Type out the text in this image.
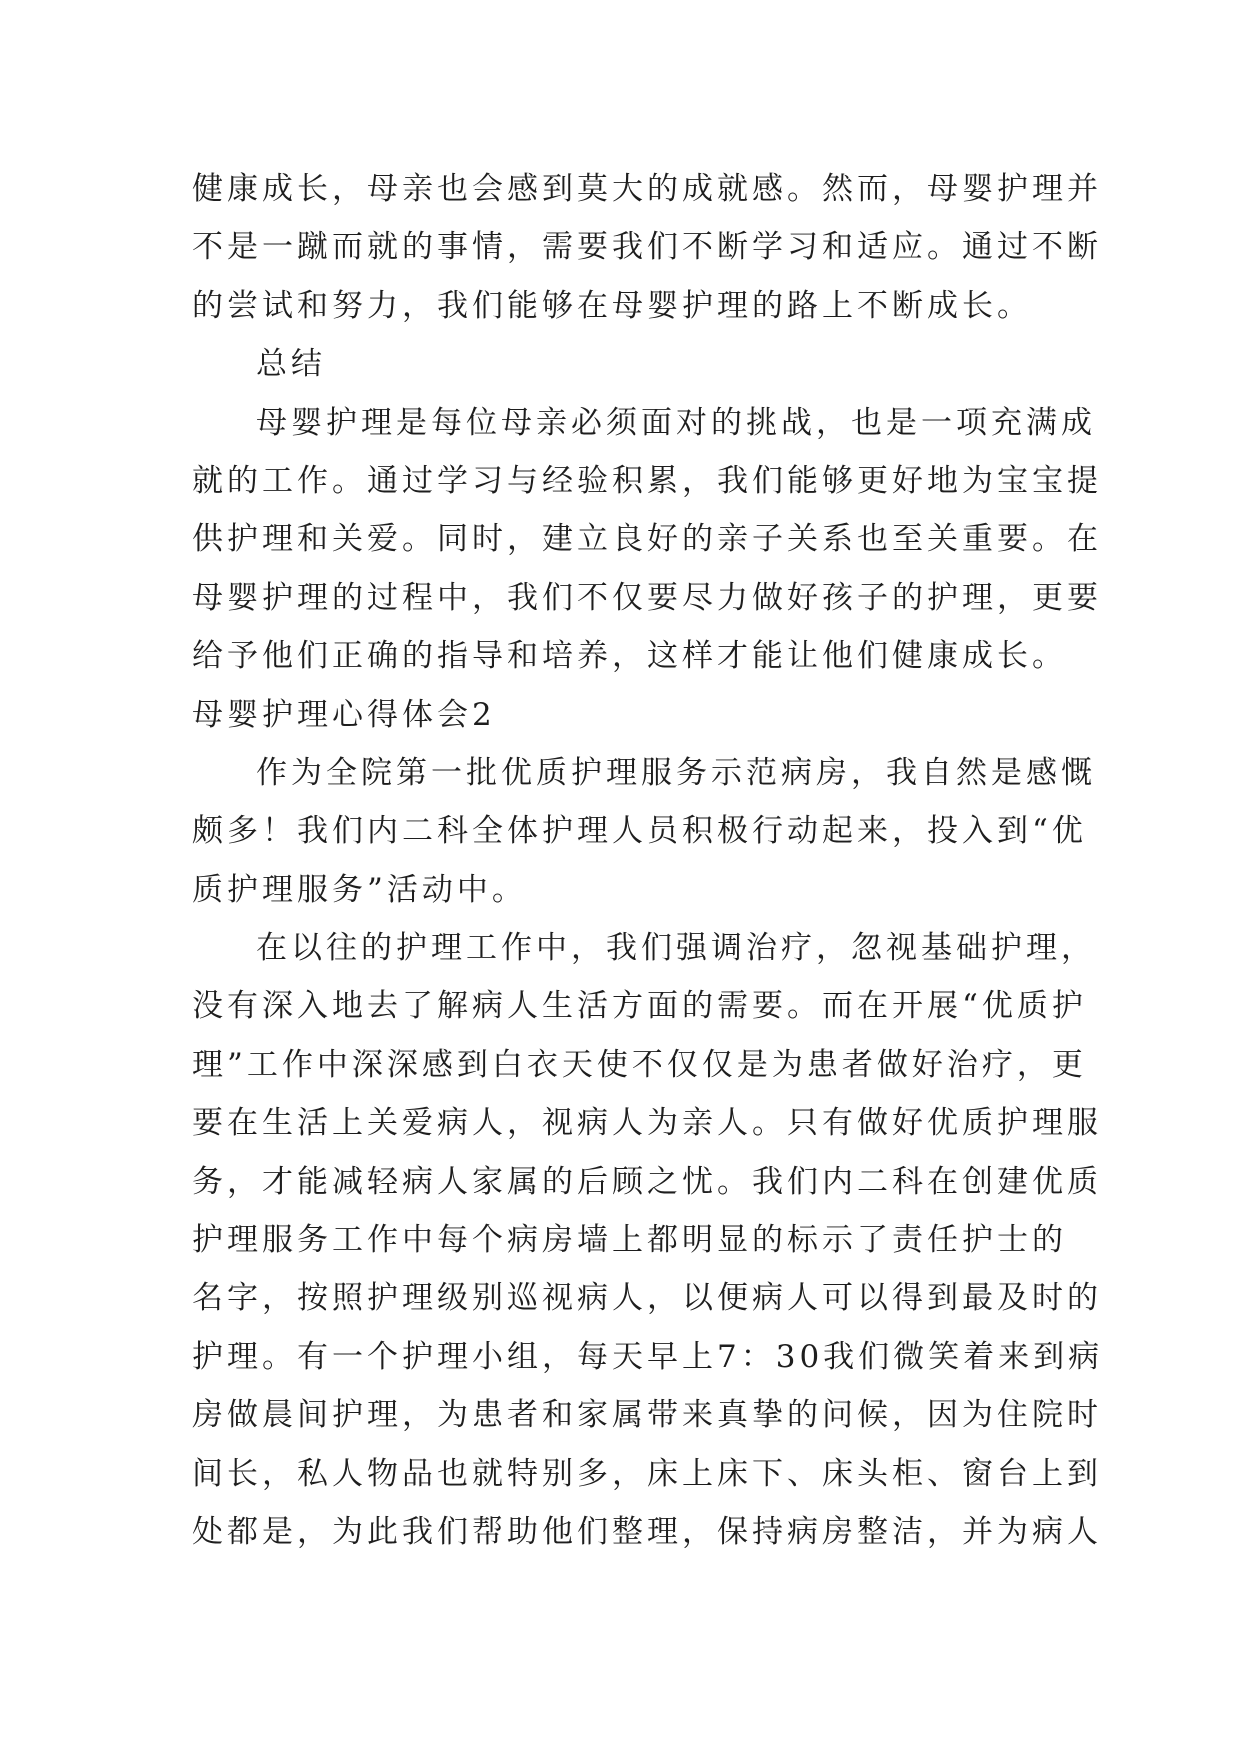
健康成长，母亲也会感到莫大的成就感。然而，母婴护理并
不是一蹴而就的事情，需要我们不断学习和适应。通过不断
的尝试和努力，我们能够在母婴护理的路上不断成长。
总结
母婴护理是每位母亲必须面对的挑战，也是一项充满成
就的工作。通过学习与经验积累，我们能够更好地为宝宝提
供护理和关爱。同时，建立良好的亲子关系也至关重要。在
母婴护理的过程中，我们不仅要尽力做好孩子的护理，更要
给予他们正确的指导和培养，这样才能让他们健康成长。
母婴护理心得体会2
作为全院第一批优质护理服务示范病房，我自然是感慨
颇多！我们内二科全体护理人员积极行动起来，投入到“优
质护理服务”活动中。
在以往的护理工作中，我们强调治疗，忽视基础护理，
没有深入地去了解病人生活方面的需要。而在开展“优质护
理”工作中深深感到白衣天使不仅仅是为患者做好治疗，更
要在生活上关爱病人，视病人为亲人。只有做好优质护理服
务，才能减轻病人家属的后顾之忧。我们内二科在创建优质
护理服务工作中每个病房墙上都明显的标示了责任护士的
名字，按照护理级别巡视病人，以便病人可以得到最及时的
护理。有一个护理小组，每天早上7：30我们微笑着来到病
房做晨间护理，为患者和家属带来真挚的问候，因为住院时
间长，私人物品也就特别多，床上床下、床头柜、窗台上到
处都是，为此我们帮助他们整理，保持病房整洁，并为病人
